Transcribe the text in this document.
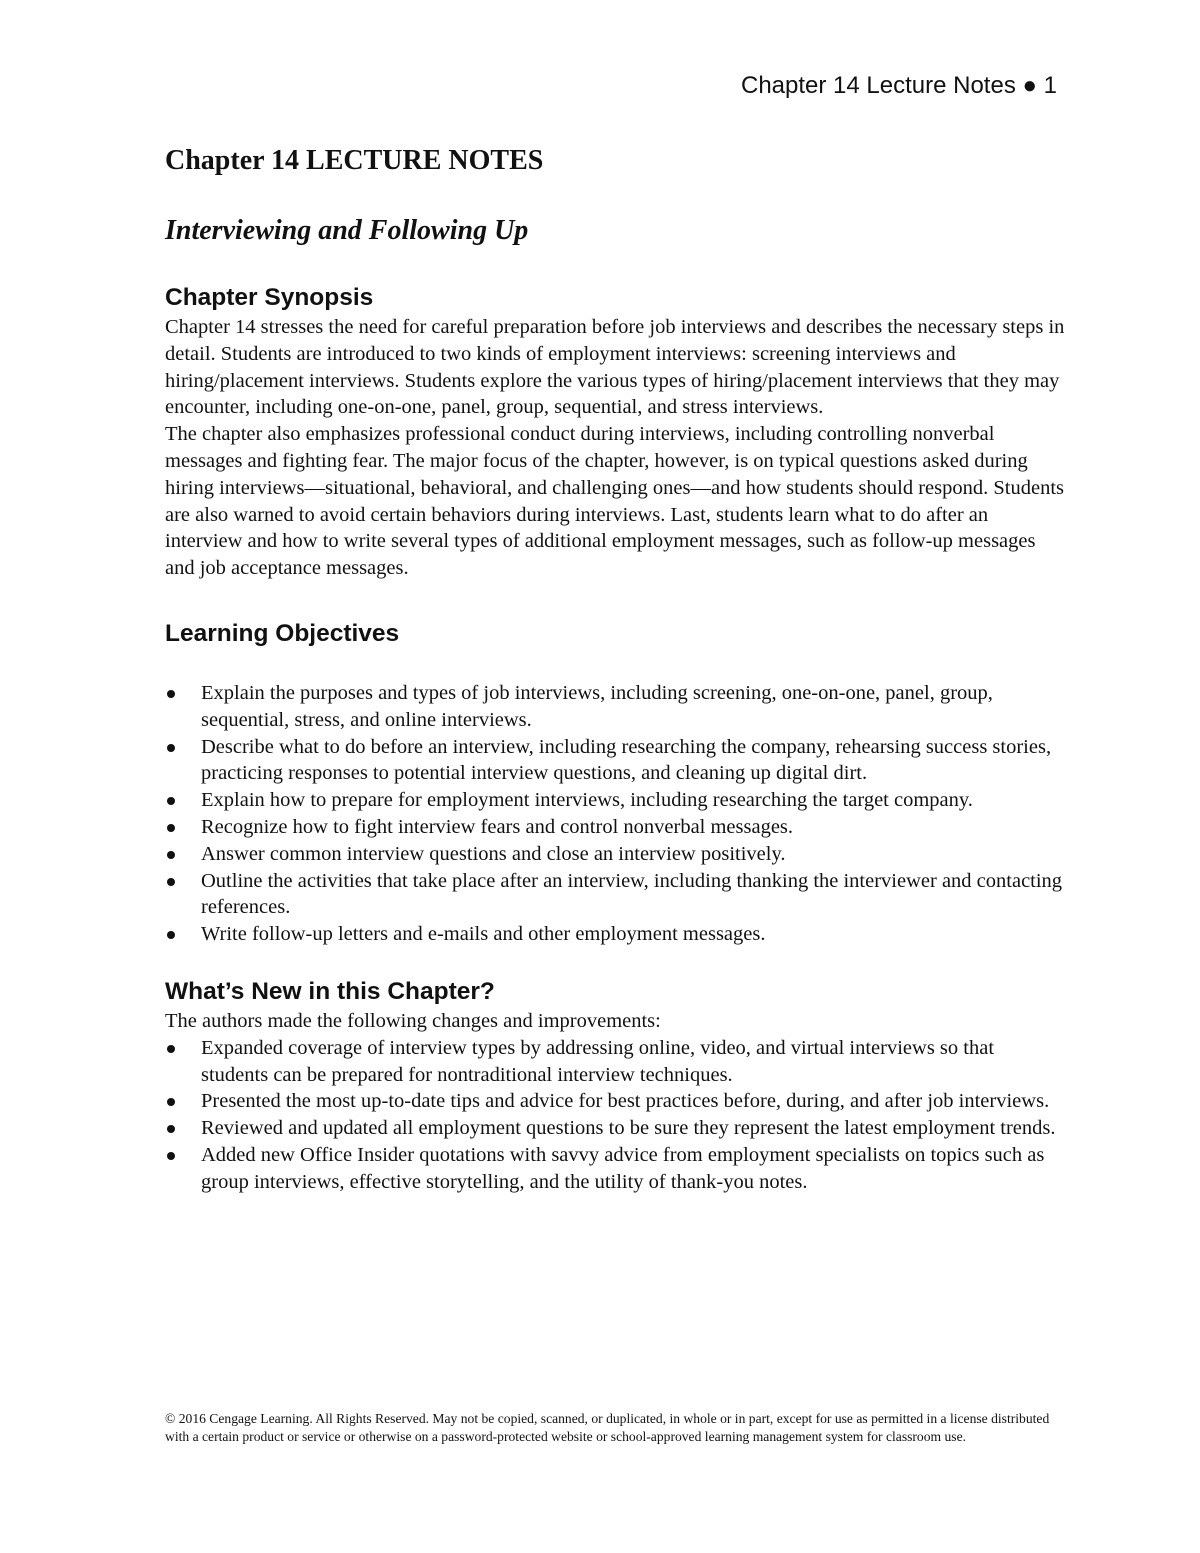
Chapter 14 Lecture Notes ● 1
Chapter 14 LECTURE NOTES
Interviewing and Following Up
Chapter Synopsis

Chapter 14 stresses the need for careful preparation before job interviews and describes the necessary steps in detail. Students are introduced to two kinds of employment interviews: screening interviews and hiring/placement interviews. Students explore the various types of hiring/placement interviews that they may encounter, including one-on-one, panel, group, sequential, and stress interviews.

The chapter also emphasizes professional conduct during interviews, including controlling nonverbal messages and fighting fear. The major focus of the chapter, however, is on typical questions asked during hiring interviews—situational, behavioral, and challenging ones—and how students should respond. Students are also warned to avoid certain behaviors during interviews. Last, students learn what to do after an interview and how to write several types of additional employment messages, such as follow-up messages and job acceptance messages.

Learning Objectives
Explain the purposes and types of job interviews, including screening, one-on-one, panel, group, sequential, stress, and online interviews.
Describe what to do before an interview, including researching the company, rehearsing success stories, practicing responses to potential interview questions, and cleaning up digital dirt.
Explain how to prepare for employment interviews, including researching the target company.
Recognize how to fight interview fears and control nonverbal messages.
Answer common interview questions and close an interview positively.
Outline the activities that take place after an interview, including thanking the interviewer and contacting references.
Write follow-up letters and e-mails and other employment messages.
What’s New in this Chapter?

The authors made the following changes and improvements:

Expanded coverage of interview types by addressing online, video, and virtual interviews so that students can be prepared for nontraditional interview techniques.
Presented the most up-to-date tips and advice for best practices before, during, and after job interviews.
Reviewed and updated all employment questions to be sure they represent the latest employment trends.
Added new Office Insider quotations with savvy advice from employment specialists on topics such as group interviews, effective storytelling, and the utility of thank-you notes.
© 2016 Cengage Learning. All Rights Reserved. May not be copied, scanned, or duplicated, in whole or in part, except for use as permitted in a license distributed with a certain product or service or otherwise on a password-protected website or school-approved learning management system for classroom use.
